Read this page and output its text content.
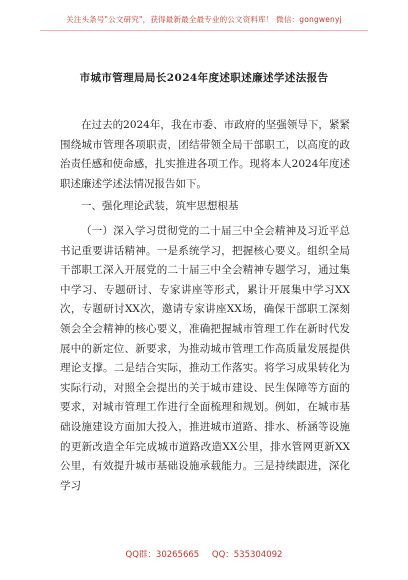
关注头条号"公文研究"，获得最新最全最专业的公文资料库！ 微信：gongwenyj
市城市管理局局长2024年度述职述廉述学述法报告

在过去的2024年，我在市委、市政府的坚强领导下，紧紧围绕城市管理各项职责，团结带领全局干部职工，以高度的政治责任感和使命感，扎实推进各项工作。现将本人2024年度述职述廉述学述法情况报告如下。

一、强化理论武装，筑牢思想根基

（一）深入学习贯彻党的二十届三中全会精神及习近平总书记重要讲话精神。一是系统学习，把握核心要义。组织全局干部职工深入开展党的二十届三中全会精神专题学习，通过集中学习、专题研讨、专家讲座等形式，累计开展集中学习XX次，专题研讨XX次，邀请专家讲座XX场，确保干部职工深刻领会全会精神的核心要义，准确把握城市管理工作在新时代发展中的新定位、新要求，为推动城市管理工作高质量发展提供理论支撑。二是结合实际，推动工作落实。将学习成果转化为实际行动，对照全会提出的关于城市建设、民生保障等方面的要求，对城市管理工作进行全面梳理和规划。例如，在城市基础设施建设方面加大投入，推进城市道路、排水、桥涵等设施的更新改造全年完成城市道路改造XX公里，排水管网更新XX公里，有效提升城市基础设施承载能力。三是持续跟进，深化学习

QQ群：30265665 QQ：535304092
